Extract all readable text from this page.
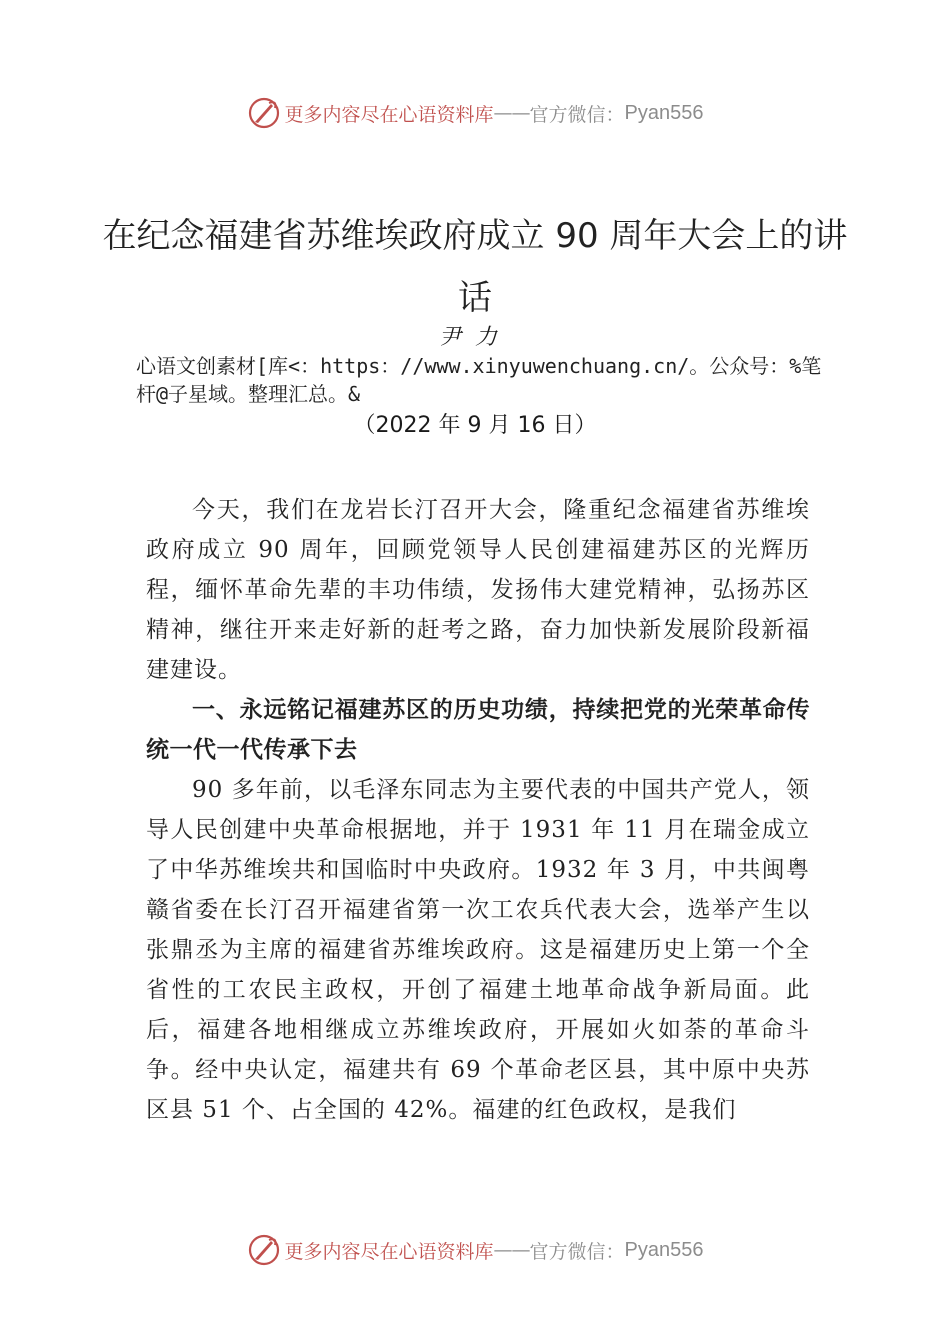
更多内容尽在心语资料库 —— 官方微信： Pyan556
在纪念福建省苏维埃政府成立 90 周年大会上的讲话
尹力
心语文创素材[库<：https：//www.xinyuwenchuang.cn/。公众号：%笔杆@子星域。整理汇总。&
（2022 年 9 月 16 日）

今天，我们在龙岩长汀召开大会，隆重纪念福建省苏维埃政府成立 90 周年，回顾党领导人民创建福建苏区的光辉历程，缅怀革命先辈的丰功伟绩，发扬伟大建党精神，弘扬苏区精神，继往开来走好新的赶考之路，奋力加快新发展阶段新福建建设。

一、永远铭记福建苏区的历史功绩，持续把党的光荣革命传统一代一代传承下去

90 多年前，以毛泽东同志为主要代表的中国共产党人，领导人民创建中央革命根据地，并于 1931 年 11 月在瑞金成立了中华苏维埃共和国临时中央政府。1932 年 3 月，中共闽粤赣省委在长汀召开福建省第一次工农兵代表大会，选举产生以张鼎丞为主席的福建省苏维埃政府。这是福建历史上第一个全省性的工农民主政权，开创了福建土地革命战争新局面。此后，福建各地相继成立苏维埃政府，开展如火如荼的革命斗争。经中央认定，福建共有 69 个革命老区县，其中原中央苏区县 51 个、占全国的 42%。福建的红色政权，是我们

更多内容尽在心语资料库 —— 官方微信： Pyan556
